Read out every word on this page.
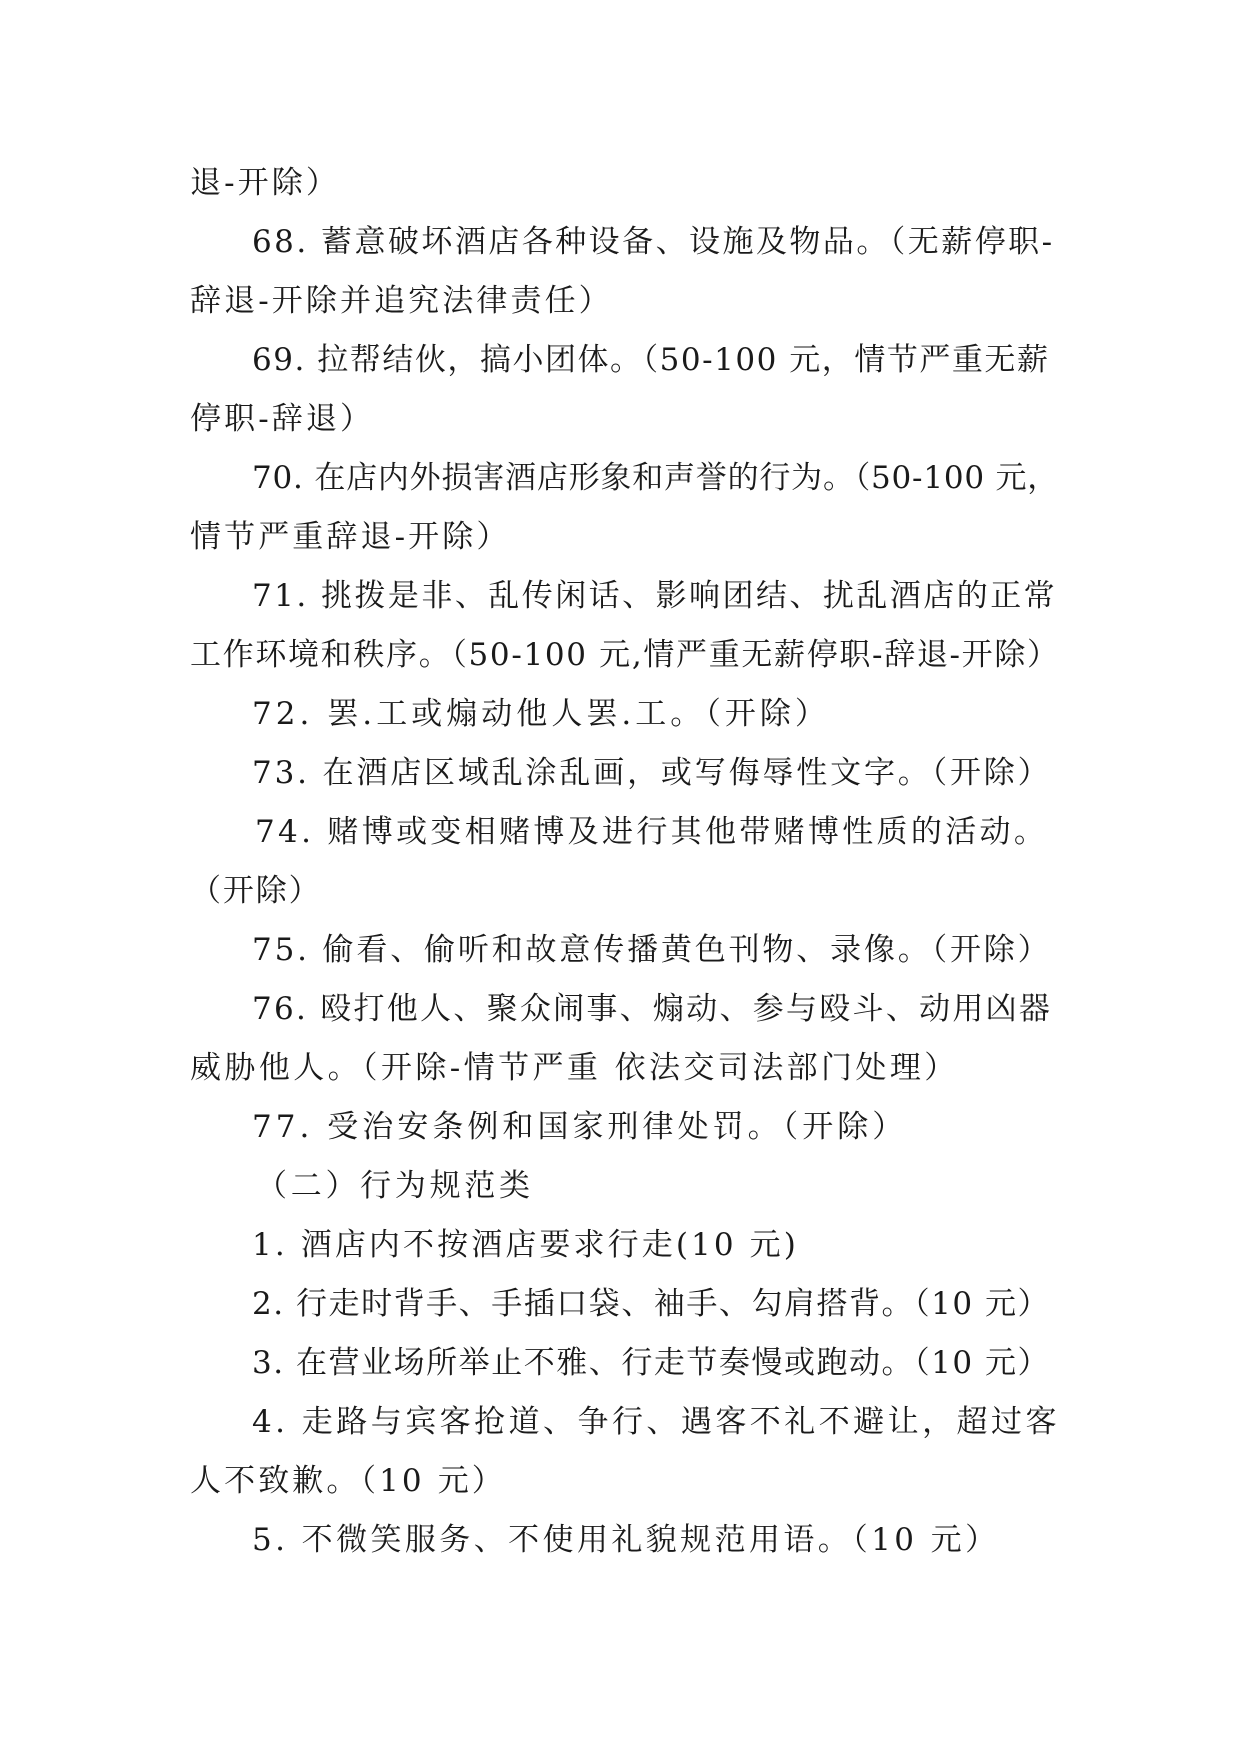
退-开除）
68. 蓄意破坏酒店各种设备、设施及物品。（无薪停职-
辞退-开除并追究法律责任）
69. 拉帮结伙，搞小团体。（50-100 元，情节严重无薪
停职-辞退）
70. 在店内外损害酒店形象和声誉的行为。（50-100 元，
情节严重辞退-开除）
71. 挑拨是非、乱传闲话、影响团结、扰乱酒店的正常
工作环境和秩序。（50-100 元,情严重无薪停职-辞退-开除）
72. 罢.工或煽动他人罢.工。（开除）
73. 在酒店区域乱涂乱画，或写侮辱性文字。（开除）
74. 赌博或变相赌博及进行其他带赌博性质的活动。
（开除）
75. 偷看、偷听和故意传播黄色刊物、录像。（开除）
76. 殴打他人、聚众闹事、煽动、参与殴斗、动用凶器
威胁他人。（开除-情节严重 依法交司法部门处理）
77. 受治安条例和国家刑律处罚。（开除）
（二）行为规范类
1. 酒店内不按酒店要求行走(10 元)
2. 行走时背手、手插口袋、袖手、勾肩搭背。（10 元）
3. 在营业场所举止不雅、行走节奏慢或跑动。（10 元）
4. 走路与宾客抢道、争行、遇客不礼不避让，超过客
人不致歉。（10 元）
5. 不微笑服务、不使用礼貌规范用语。（10 元）
